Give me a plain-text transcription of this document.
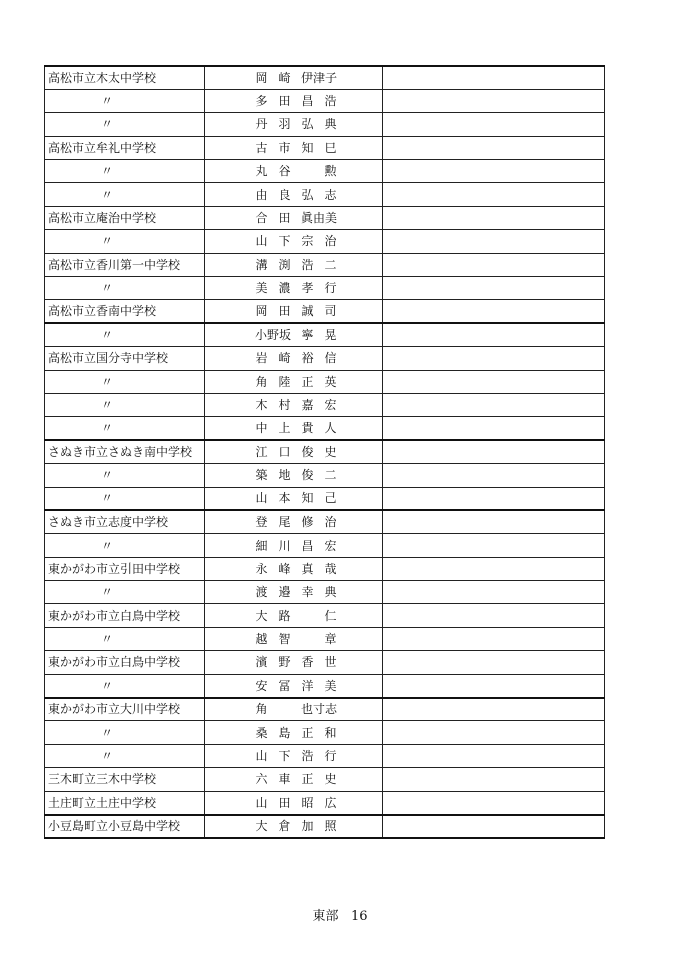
高松市立木太中学校	岡 崎 伊津子	

〃	多 田 昌 浩	

〃	丹 羽 弘 典	

高松市立牟礼中学校	古 市 知 巳	

〃	丸 谷 勲	

〃	由 良 弘 志	

高松市立庵治中学校	合 田 眞由美	

〃	山 下 宗 治	

高松市立香川第一中学校	溝 渕 浩 二	

〃	美 濃 孝 行	

高松市立香南中学校	岡 田 誠 司	

〃	小野坂 寧 晃	

高松市立国分寺中学校	岩 崎 裕 信	

〃	角 陸 正 英	

〃	木 村 嘉 宏	

〃	中 上 貴 人	

さぬき市立さぬき南中学校	江 口 俊 史	

〃	築 地 俊 二	

〃	山 本 知 己	

さぬき市立志度中学校	登 尾 修 治	

〃	細 川 昌 宏	

東かがわ市立引田中学校	永 峰 真 哉	

〃	渡 邉 幸 典	

東かがわ市立白鳥中学校	大 路 仁	

〃	越 智 章	

東かがわ市立白鳥中学校	濱 野 香 世	

〃	安 冨 洋 美	

東かがわ市立大川中学校	角 也寸志	

〃	桑 島 正 和	

〃	山 下 浩 行	

三木町立三木中学校	六 車 正 史	

土庄町立土庄中学校	山 田 昭 広	

小豆島町立小豆島中学校	大 倉 加 照	

東部 16
